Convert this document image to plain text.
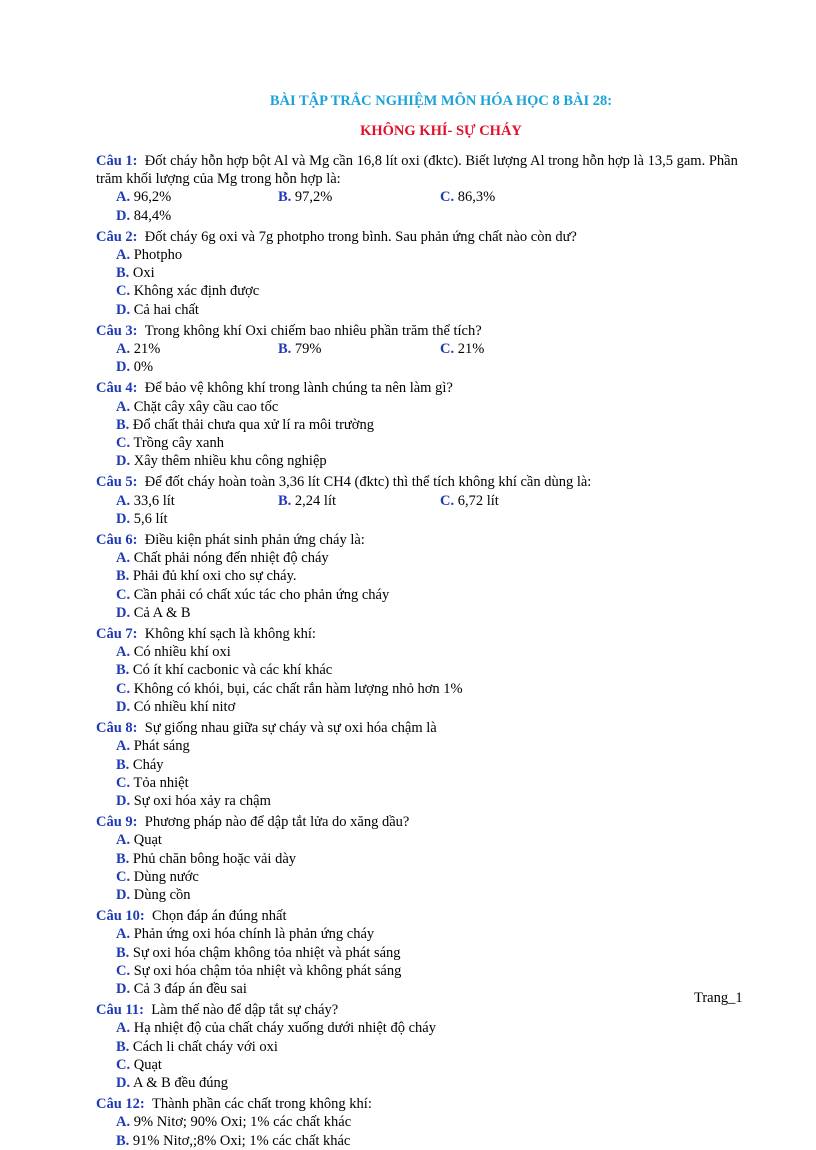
BÀI TẬP TRẮC NGHIỆM MÔN HÓA HỌC 8 BÀI 28:

KHÔNG KHÍ- SỰ CHÁY

Câu 1: Đốt cháy hỗn hợp bột Al và Mg cần 16,8 lít oxi (đktc). Biết lượng Al trong hỗn hợp là 13,5 gam. Phần trăm khối lượng của Mg trong hỗn hợp là:

A. 96,2%	B. 97,2%	C. 86,3%
D. 84,4%

Câu 2: Đốt cháy 6g oxi và 7g photpho trong bình. Sau phản ứng chất nào còn dư?

A. Photpho
B. Oxi
C. Không xác định được
D. Cả hai chất

Câu 3: Trong không khí Oxi chiếm bao nhiêu phần trăm thể tích?

A. 21%	B. 79%	C. 21%
D. 0%

Câu 4: Để bảo vệ không khí trong lành chúng ta nên làm gì?

A. Chặt cây xây cầu cao tốc
B. Đổ chất thải chưa qua xử lí ra môi trường
C. Trồng cây xanh
D. Xây thêm nhiều khu công nghiệp

Câu 5: Để đốt cháy hoàn toàn 3,36 lít CH4 (đktc) thì thể tích không khí cần dùng là:

A. 33,6 lít	B. 2,24 lít	C. 6,72 lít
D. 5,6 lít

Câu 6: Điều kiện phát sinh phản ứng cháy là:

A. Chất phải nóng đến nhiệt độ cháy
B. Phải đủ khí oxi cho sự cháy.
C. Cần phải có chất xúc tác cho phản ứng cháy
D. Cả A & B

Câu 7: Không khí sạch là không khí:

A. Có nhiều khí oxi
B. Có ít khí cacbonic và các khí khác
C. Không có khói, bụi, các chất rắn hàm lượng nhỏ hơn 1%
D. Có nhiều khí nitơ

Câu 8: Sự giống nhau giữa sự cháy và sự oxi hóa chậm là

A. Phát sáng
B. Cháy
C. Tỏa nhiệt
D. Sự oxi hóa xảy ra chậm

Câu 9: Phương pháp nào để dập tắt lửa do xăng dầu?

A. Quạt
B. Phủ chăn bông hoặc vải dày
C. Dùng nước
D. Dùng cồn

Câu 10: Chọn đáp án đúng nhất

A. Phản ứng oxi hóa chính là phản ứng cháy
B. Sự oxi hóa chậm không tỏa nhiệt và phát sáng
C. Sự oxi hóa chậm tỏa nhiệt và không phát sáng
D. Cả 3 đáp án đều sai

Câu 11: Làm thế nào để dập tắt sự cháy?

A. Hạ nhiệt độ của chất cháy xuống dưới nhiệt độ cháy
B. Cách li chất cháy với oxi
C. Quạt
D. A & B đều đúng

Câu 12: Thành phần các chất trong không khí:

A. 9% Nitơ; 90% Oxi; 1% các chất khác
B. 91% Nitơ,;8% Oxi; 1% các chất khác
Trang_1
